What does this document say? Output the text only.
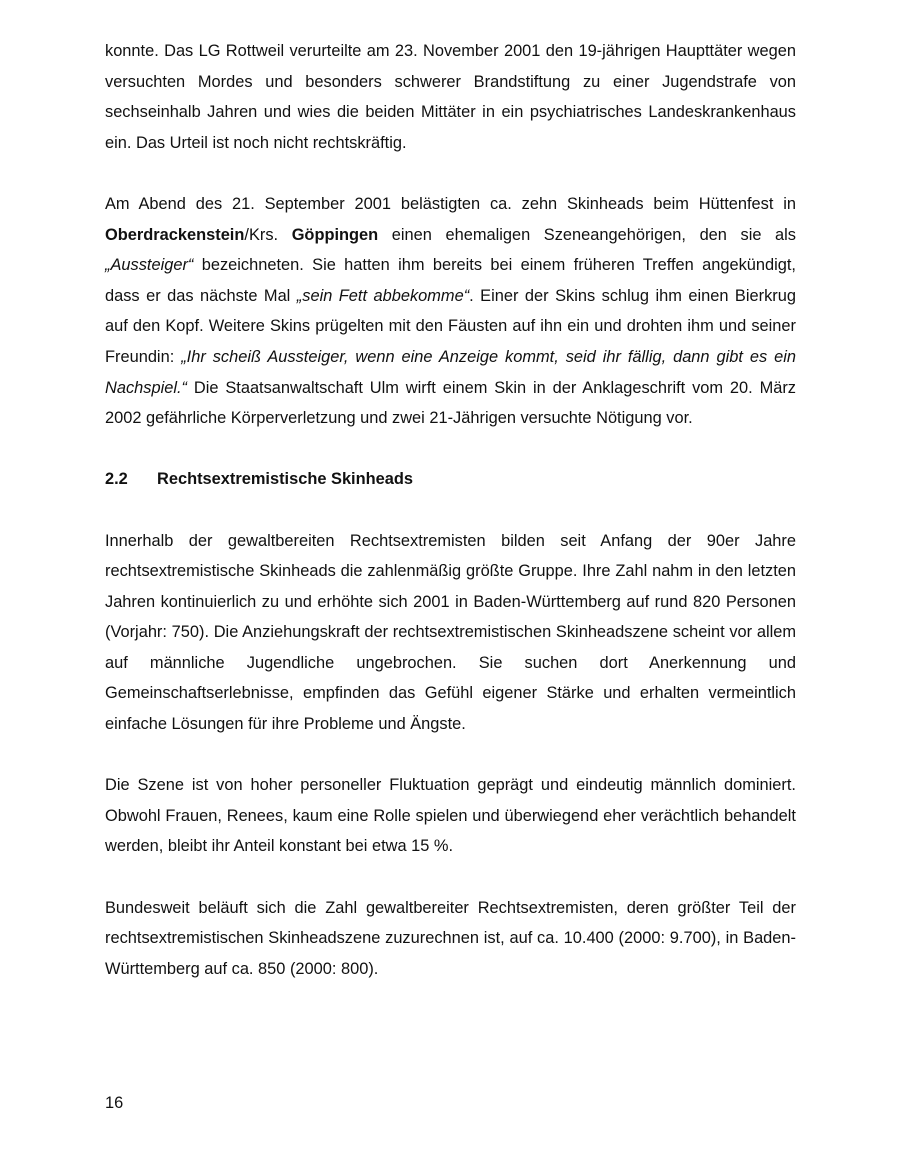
konnte. Das LG Rottweil verurteilte am 23. November 2001 den 19-jährigen Haupttäter wegen versuchten Mordes und besonders schwerer Brandstiftung zu einer Jugendstrafe von sechseinhalb Jahren und wies die beiden Mittäter in ein psychiatrisches Landeskrankenhaus ein. Das Urteil ist noch nicht rechtskräftig.

Am Abend des 21. September 2001 belästigten ca. zehn Skinheads beim Hüttenfest in Oberdrackenstein/Krs. Göppingen einen ehemaligen Szeneangehörigen, den sie als „Aussteiger“ bezeichneten. Sie hatten ihm bereits bei einem früheren Treffen angekündigt, dass er das nächste Mal „sein Fett abbekomme“. Einer der Skins schlug ihm einen Bierkrug auf den Kopf. Weitere Skins prügelten mit den Fäusten auf ihn ein und drohten ihm und seiner Freundin: „Ihr scheiß Aussteiger, wenn eine Anzeige kommt, seid ihr fällig, dann gibt es ein Nachspiel.“ Die Staatsanwaltschaft Ulm wirft einem Skin in der Anklageschrift vom 20. März 2002 gefährliche Körperverletzung und zwei 21-Jährigen versuchte Nötigung vor.

2.2	Rechtsextremistische Skinheads

Innerhalb der gewaltbereiten Rechtsextremisten bilden seit Anfang der 90er Jahre rechtsextremistische Skinheads die zahlenmäßig größte Gruppe. Ihre Zahl nahm in den letzten Jahren kontinuierlich zu und erhöhte sich 2001 in Baden-Württemberg auf rund 820 Personen (Vorjahr: 750). Die Anziehungskraft der rechtsextremistischen Skinheadszene scheint vor allem auf männliche Jugendliche ungebrochen. Sie suchen dort Anerkennung und Gemeinschaftserlebnisse, empfinden das Gefühl eigener Stärke und erhalten vermeintlich einfache Lösungen für ihre Probleme und Ängste.

Die Szene ist von hoher personeller Fluktuation geprägt und eindeutig männlich dominiert. Obwohl Frauen, Renees, kaum eine Rolle spielen und überwiegend eher verächtlich behandelt werden, bleibt ihr Anteil konstant bei etwa 15 %.

Bundesweit beläuft sich die Zahl gewaltbereiter Rechtsextremisten, deren größter Teil der rechtsextremistischen Skinheadszene zuzurechnen ist, auf ca. 10.400 (2000: 9.700), in Baden-Württemberg auf ca. 850 (2000: 800).

16
